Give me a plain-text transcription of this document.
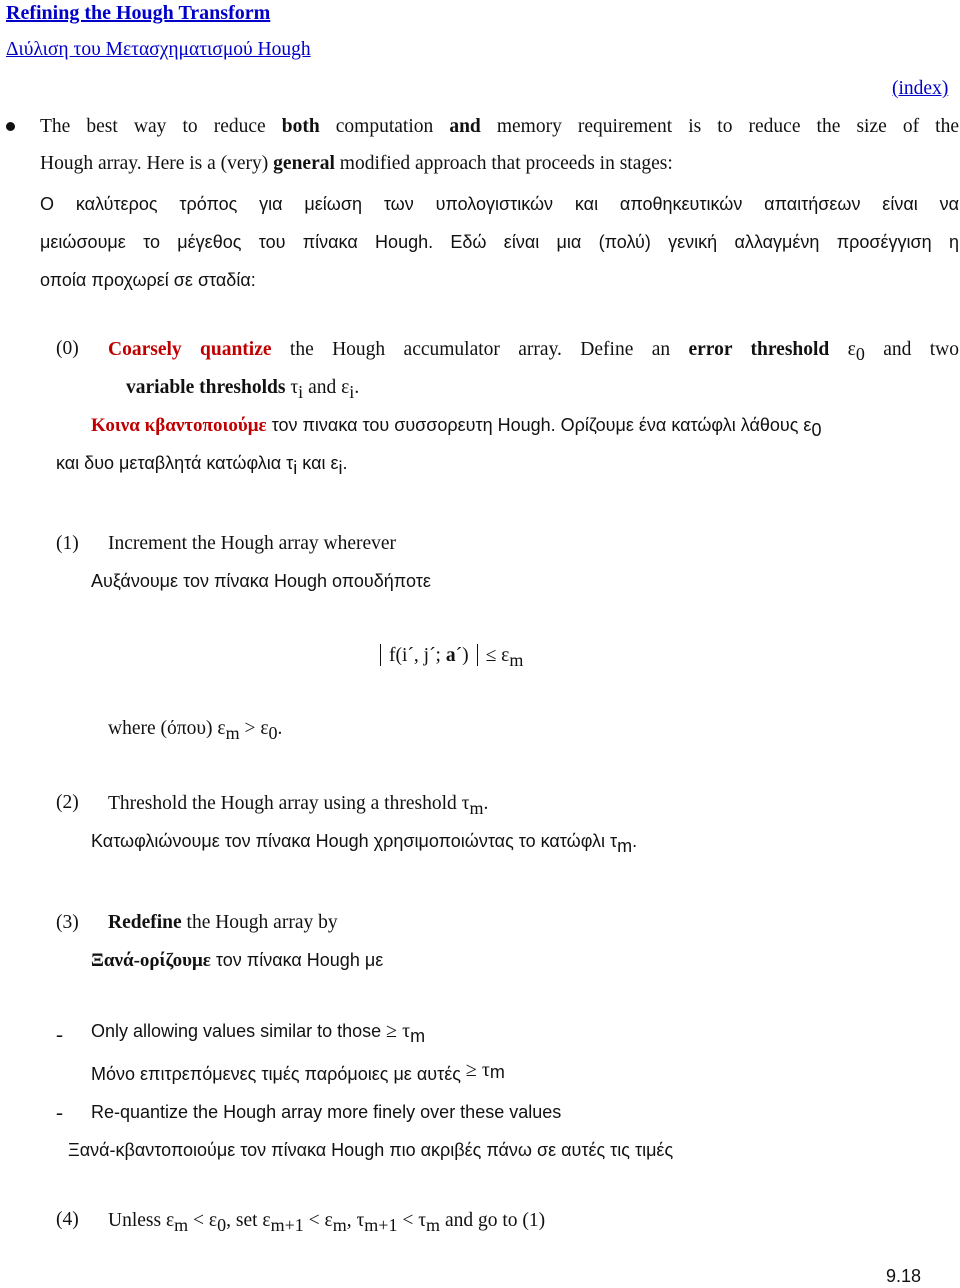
Refining the Hough Transform
Διύλιση του Μετασχηματισμού Hough
(index)
The best way to reduce both computation and memory requirement is to reduce the size of the
Hough array. Here is a (very) general modified approach that proceeds in stages:
Ο καλύτερος τρόπος για μείωση των υπολογιστικών και αποθηκευτικών απαιτήσεων είναι να
μειώσουμε το μέγεθος του πίνακα Hough. Εδώ είναι μια (πολύ) γενική αλλαγμένη προσέγγιση η
οποία προχωρεί σε σταδία:
(0) Coarsely quantize the Hough accumulator array. Define an error threshold ε0 and two
variable thresholds τi and εi.
Κοινα κβαντοποιούμε τον πινακα του συσσορευτη Hough. Ορίζουμε ένα κατώφλι λάθους ε0
και δυο μεταβλητά κατώφλια τi και εi.
(1) Increment the Hough array wherever
Αυξάνουμε τον πίνακα Hough οπουδήποτε
f(i´, j´; a´) ≤ εm
where (όπου) εm > ε0.
(2) Threshold the Hough array using a threshold τm.
Κατωφλιώνουμε τον πίνακα Hough χρησιμοποιώντας το κατώφλι τm.
(3) Redefine the Hough array by
Ξανά-ορίζουμε τον πίνακα Hough με
- Only allowing values similar to those ≥ τm
Μόνο επιτρεπόμενες τιμές παρόμοιες με αυτές ≥ τm
- Re-quantize the Hough array more finely over these values
Ξανά-κβαντοποιούμε τον πίνακα Hough πιο ακριβές πάνω σε αυτές τις τιμές
(4) Unless εm < ε0, set εm+1 < εm, τm+1 < τm and go to (1)
9.18
